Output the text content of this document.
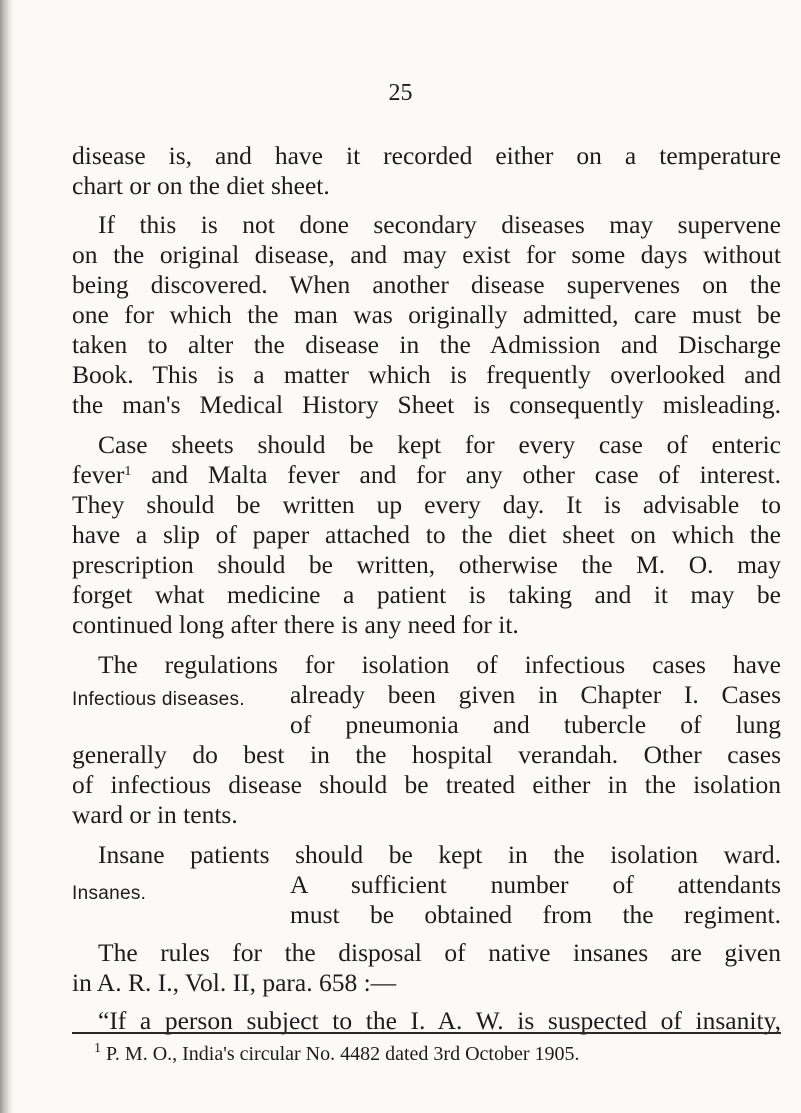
25
disease is, and have it recorded either on a temperature
chart or on the diet sheet.
If this is not done secondary diseases may supervene
on the original disease, and may exist for some days without
being discovered. When another disease supervenes on the
one for which the man was originally admitted, care must be
taken to alter the disease in the Admission and Discharge
Book. This is a matter which is frequently overlooked and
the man's Medical History Sheet is consequently misleading.
Case sheets should be kept for every case of enteric
fever$^1$ and Malta fever and for any other case of interest.
They should be written up every day. It is advisable to
have a slip of paper attached to the diet sheet on which the
prescription should be written, otherwise the M. O. may
forget what medicine a patient is taking and it may be
continued long after there is any need for it.
The regulations for isolation of infectious cases have
Infectious diseases. already been given in Chapter I. Cases
of pneumonia and tubercle of lung
generally do best in the hospital verandah. Other cases
of infectious disease should be treated either in the isolation
ward or in tents.
Insane patients should be kept in the isolation ward.
Insanes.	A sufficient number of attendants
must be obtained from the regiment.
The rules for the disposal of native insanes are given
in A. R. I., Vol. II, para. 658 :—
“If a person subject to the I. A. W. is suspected of insanity,
$^1$ P. M. O., India's circular No. 4482 dated 3rd October 1905.
